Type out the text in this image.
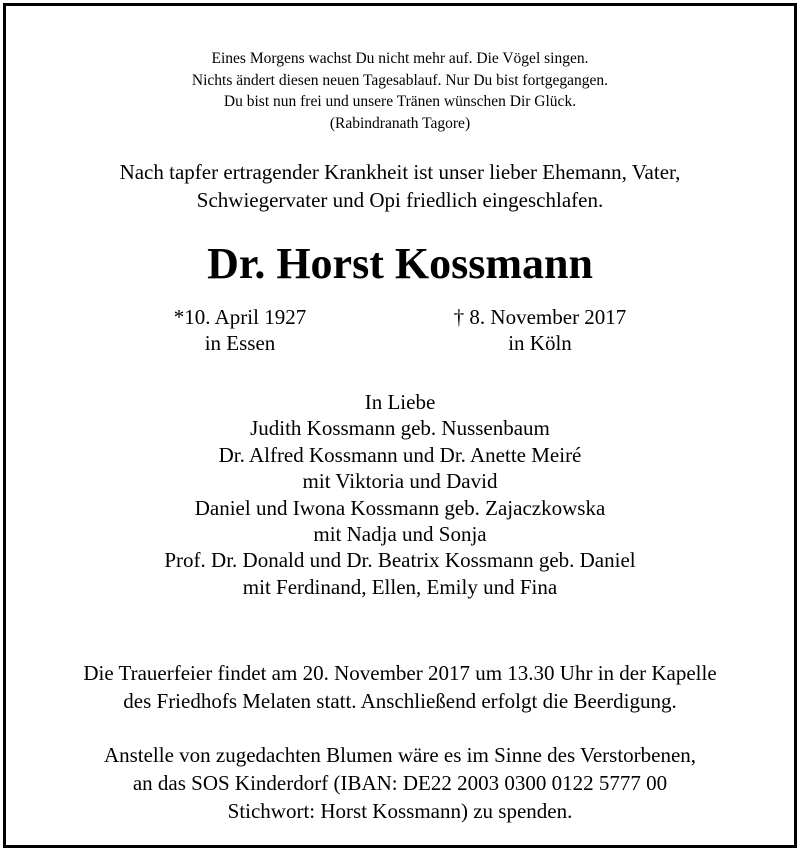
Eines Morgens wachst Du nicht mehr auf. Die Vögel singen.
Nichts ändert diesen neuen Tagesablauf. Nur Du bist fortgegangen.
Du bist nun frei und unsere Tränen wünschen Dir Glück.
(Rabindranath Tagore)
Nach tapfer ertragender Krankheit ist unser lieber Ehemann, Vater,
Schwiegervater und Opi friedlich eingeschlafen.
Dr. Horst Kossmann
*10. April 1927
in Essen
† 8. November 2017
in Köln
In Liebe
Judith Kossmann geb. Nussenbaum
Dr. Alfred Kossmann und Dr. Anette Meiré
mit Viktoria und David
Daniel und Iwona Kossmann geb. Zajaczkowska
mit Nadja und Sonja
Prof. Dr. Donald und Dr. Beatrix Kossmann geb. Daniel
mit Ferdinand, Ellen, Emily und Fina
Die Trauerfeier findet am 20. November 2017 um 13.30 Uhr in der Kapelle
des Friedhofs Melaten statt. Anschließend erfolgt die Beerdigung.
Anstelle von zugedachten Blumen wäre es im Sinne des Verstorbenen,
an das SOS Kinderdorf (IBAN: DE22 2003 0300 0122 5777 00
Stichwort: Horst Kossmann) zu spenden.
